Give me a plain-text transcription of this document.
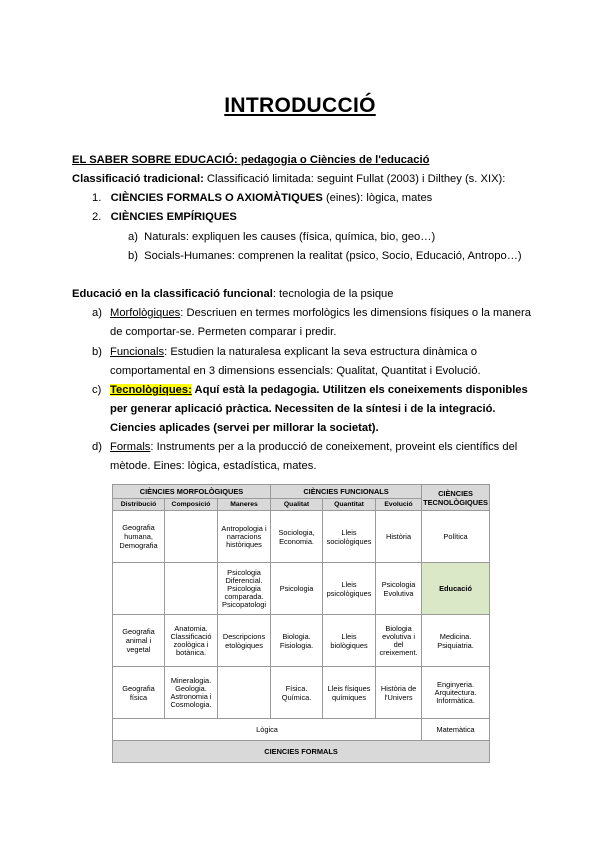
INTRODUCCIÓ
EL SABER SOBRE EDUCACIÓ: pedagogia o Ciències de l'educació
Classificació tradicional: Classificació limitada: seguint Fullat (2003) i Dilthey (s. XIX):
1. CIÈNCIES FORMALS O AXIOMÀTIQUES (eines): lògica, mates
2. CIÈNCIES EMPÍRIQUES
a) Naturals: expliquen les causes (física, química, bio, geo…)
b) Socials-Humanes: comprenen la realitat (psico, Socio, Educació, Antropo…)
Educació en la classificació funcional: tecnologia de la psique
a) Morfològiques: Descriuen en termes morfològics les dimensions físiques o la manera
de comportar-se. Permeten comparar i predir.
b) Funcionals: Estudien la naturalesa explicant la seva estructura dinàmica o
comportamental en 3 dimensions essencials: Qualitat, Quantitat i Evolució.
c) Tecnològiques: Aquí està la pedagogia. Utilitzen els coneixements disponibles
per generar aplicació pràctica. Necessiten de la síntesi i de la integració.
Ciencies aplicades (servei per millorar la societat).
d) Formals: Instruments per a la producció de coneixement, proveint els científics del
mètode. Eines: lògica, estadística, mates.
CIÈNCIES MORFOLÒGIQUES			CIÈNCIES FUNCIONALS			CIÈNCIES TECNOLÒGIQUES
Distribució	Composició	Maneres	Qualitat	Quantitat	Evolució	
Geografia humana, Demografia		Antropologia i narracions històriques	Sociologia, Economia.	Lleis sociològiques	Història	Política
		Psicologia Diferencial. Psicologia comparada. Psicopatologi	Psicologia	Lleis psicològiques	Psicologia Evolutiva	Educació
Geografia animal i vegetal	Anatomia. Classificació zoològica i botànica.	Descripcions etològiques	Biologia. Fisiologia.	Lleis biològiques	Biologia evolutiva i del creixement.	Medicina. Psiquiatria.
Geografia física	Mineralogia. Geologia. Astronomia i Cosmologia.		Física. Química.	Lleis físiques químiques	Història de l'Univers	Enginyeria. Arquitectura. Informàtica.
Lògica						Matemàtica
CIENCIES FORMALS						
